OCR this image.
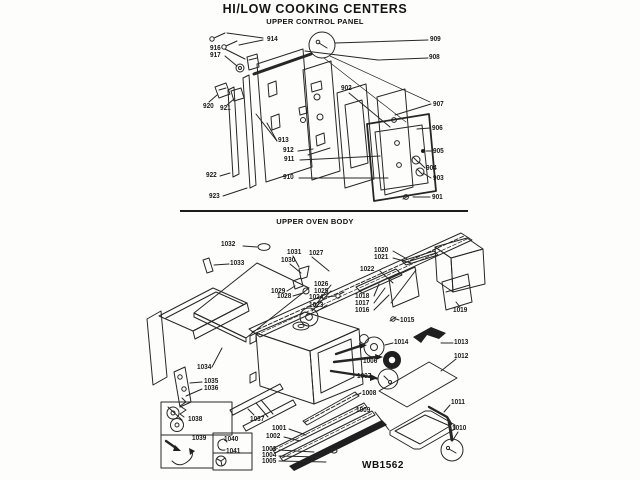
HI/LOW COOKING CENTERS
UPPER CONTROL PANEL
UPPER OVEN BODY
WB1562
914
916
917
920 921
922
923
909
908
902
907
906
905
904
903
901
913
912
911
910
1032
1033
1031
1030
1027
1029
1028
1026
1025
1024
1023
1020
1021
1022
1018
1017
1016
1015
1019
1014	1013
1012
1006
1007
1008
1011
1009
1010
1034
1035
1036
1038
1039	1040
1041
1037
1001
1002
1003
1004
1005
